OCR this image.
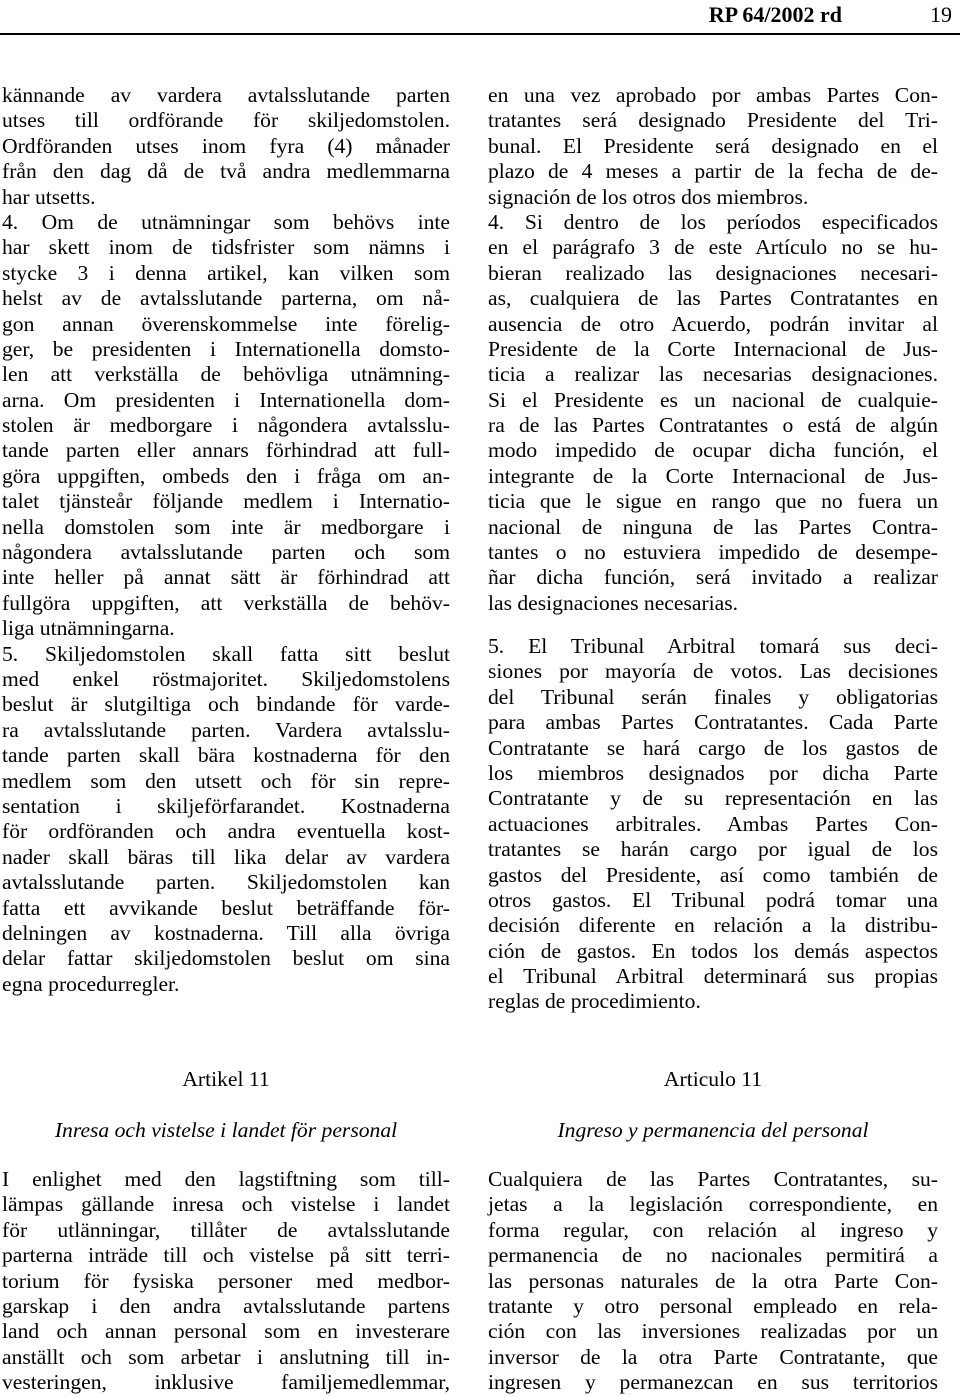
RP 64/2002 rd	19
kännande av vardera avtalsslutande parten
utses till ordförande för skiljedomstolen.
Ordföranden utses inom fyra (4) månader
från den dag då de två andra medlemmarna
har utsetts.
4. Om de utnämningar som behövs inte
har skett inom de tidsfrister som nämns i
stycke 3 i denna artikel, kan vilken som
helst av de avtalsslutande parterna, om nå-
gon annan överenskommelse inte förelig-
ger, be presidenten i Internationella domsto-
len att verkställa de behövliga utnämning-
arna. Om presidenten i Internationella dom-
stolen är medborgare i någondera avtalsslu-
tande parten eller annars förhindrad att full-
göra uppgiften, ombeds den i fråga om an-
talet tjänsteår följande medlem i Internatio-
nella domstolen som inte är medborgare i
någondera avtalsslutande parten och som
inte heller på annat sätt är förhindrad att
fullgöra uppgiften, att verkställa de behöv-
liga utnämningarna.
5. Skiljedomstolen skall fatta sitt beslut
med enkel röstmajoritet. Skiljedomstolens
beslut är slutgiltiga och bindande för varde-
ra avtalsslutande parten. Vardera avtalsslu-
tande parten skall bära kostnaderna för den
medlem som den utsett och för sin repre-
sentation i skiljeförfarandet. Kostnaderna
för ordföranden och andra eventuella kost-
nader skall bäras till lika delar av vardera
avtalsslutande parten. Skiljedomstolen kan
fatta ett avvikande beslut beträffande för-
delningen av kostnaderna. Till alla övriga
delar fattar skiljedomstolen beslut om sina
egna procedurregler.
en una vez aprobado por ambas Partes Con-
tratantes será designado Presidente del Tri-
bunal. El Presidente será designado en el
plazo de 4 meses a partir de la fecha de de-
signación de los otros dos miembros.
4. Si dentro de los períodos especificados
en el parágrafo 3 de este Artículo no se hu-
bieran realizado las designaciones necesari-
as, cualquiera de las Partes Contratantes en
ausencia de otro Acuerdo, podrán invitar al
Presidente de la Corte Internacional de Jus-
ticia a realizar las necesarias designaciones.
Si el Presidente es un nacional de cualquie-
ra de las Partes Contratantes o está de algún
modo impedido de ocupar dicha función, el
integrante de la Corte Internacional de Jus-
ticia que le sigue en rango que no fuera un
nacional de ninguna de las Partes Contra-
tantes o no estuviera impedido de desempe-
ñar dicha función, será invitado a realizar
las designaciones necesarias.
5. El Tribunal Arbitral tomará sus deci-
siones por mayoría de votos. Las decisiones
del Tribunal serán finales y obligatorias
para ambas Partes Contratantes. Cada Parte
Contratante se hará cargo de los gastos de
los miembros designados por dicha Parte
Contratante y de su representación en las
actuaciones arbitrales. Ambas Partes Con-
tratantes se harán cargo por igual de los
gastos del Presidente, así como también de
otros gastos. El Tribunal podrá tomar una
decisión diferente en relación a la distribu-
ción de gastos. En todos los demás aspectos
el Tribunal Arbitral determinará sus propias
reglas de procedimiento.
Artikel 11
Inresa och vistelse i landet för personal
Articulo 11
Ingreso y permanencia del personal
I enlighet med den lagstiftning som till-
lämpas gällande inresa och vistelse i landet
för utlänningar, tillåter de avtalsslutande
parterna inträde till och vistelse på sitt terri-
torium för fysiska personer med medbor-
garskap i den andra avtalsslutande partens
land och annan personal som en investerare
anställt och som arbetar i anslutning till in-
vesteringen, inklusive familjemedlemmar,
Cualquiera de las Partes Contratantes, su-
jetas a la legislación correspondiente, en
forma regular, con relación al ingreso y
permanencia de no nacionales permitirá a
las personas naturales de la otra Parte Con-
tratante y otro personal empleado en rela-
ción con las inversiones realizadas por un
inversor de la otra Parte Contratante, que
ingresen y permanezcan en sus territorios
